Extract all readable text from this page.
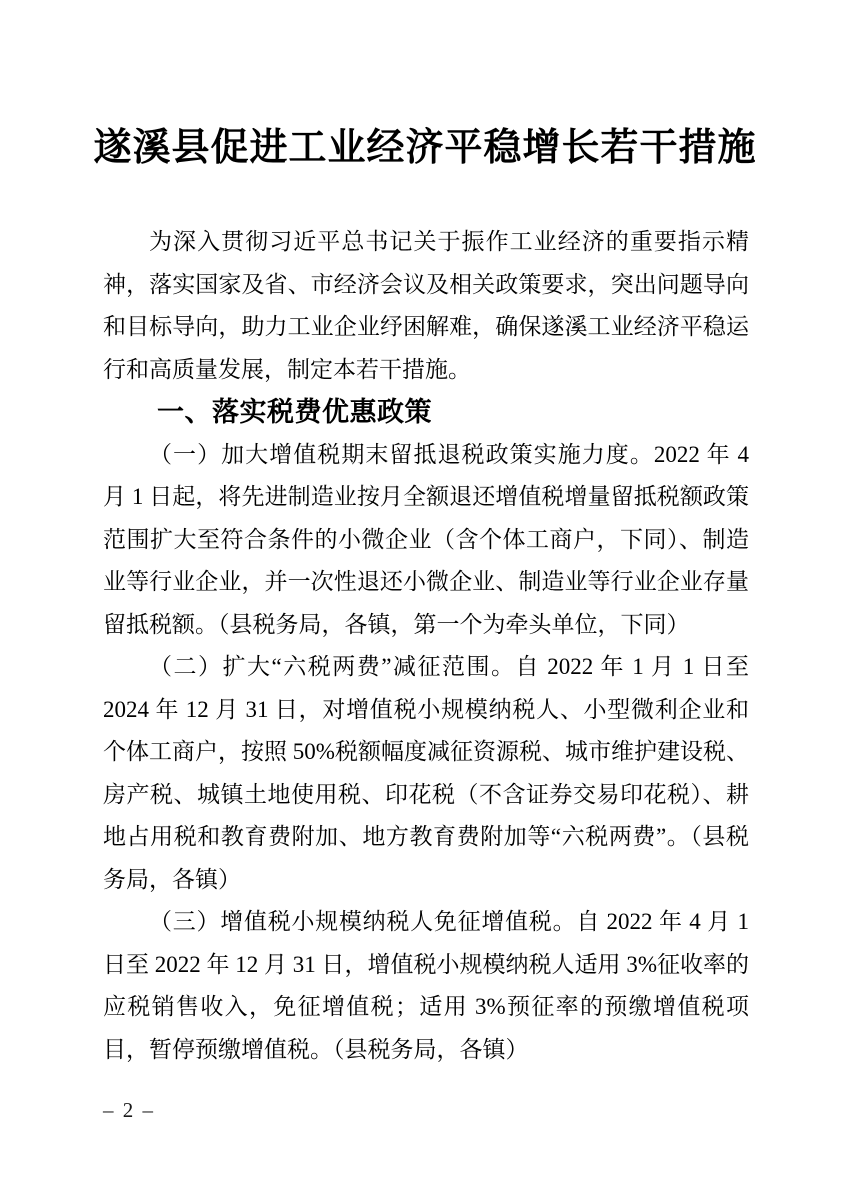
遂溪县促进工业经济平稳增长若干措施

为深入贯彻习近平总书记关于振作工业经济的重要指示精神，落实国家及省、市经济会议及相关政策要求，突出问题导向和目标导向，助力工业企业纾困解难，确保遂溪工业经济平稳运行和高质量发展，制定本若干措施。

一、落实税费优惠政策

（一）加大增值税期末留抵退税政策实施力度。2022 年 4 月 1 日起，将先进制造业按月全额退还增值税增量留抵税额政策范围扩大至符合条件的小微企业（含个体工商户，下同）、制造业等行业企业，并一次性退还小微企业、制造业等行业企业存量留抵税额。（县税务局，各镇，第一个为牵头单位，下同）

（二）扩大“六税两费”减征范围。自 2022 年 1 月 1 日至 2024 年 12 月 31 日，对增值税小规模纳税人、小型微利企业和个体工商户，按照 50%税额幅度减征资源税、城市维护建设税、房产税、城镇土地使用税、印花税（不含证券交易印花税）、耕地占用税和教育费附加、地方教育费附加等“六税两费”。（县税务局，各镇）

（三）增值税小规模纳税人免征增值税。自 2022 年 4 月 1 日至 2022 年 12 月 31 日，增值税小规模纳税人适用 3%征收率的应税销售收入，免征增值税；适用 3%预征率的预缴增值税项目，暂停预缴增值税。（县税务局，各镇）

– 2 –
